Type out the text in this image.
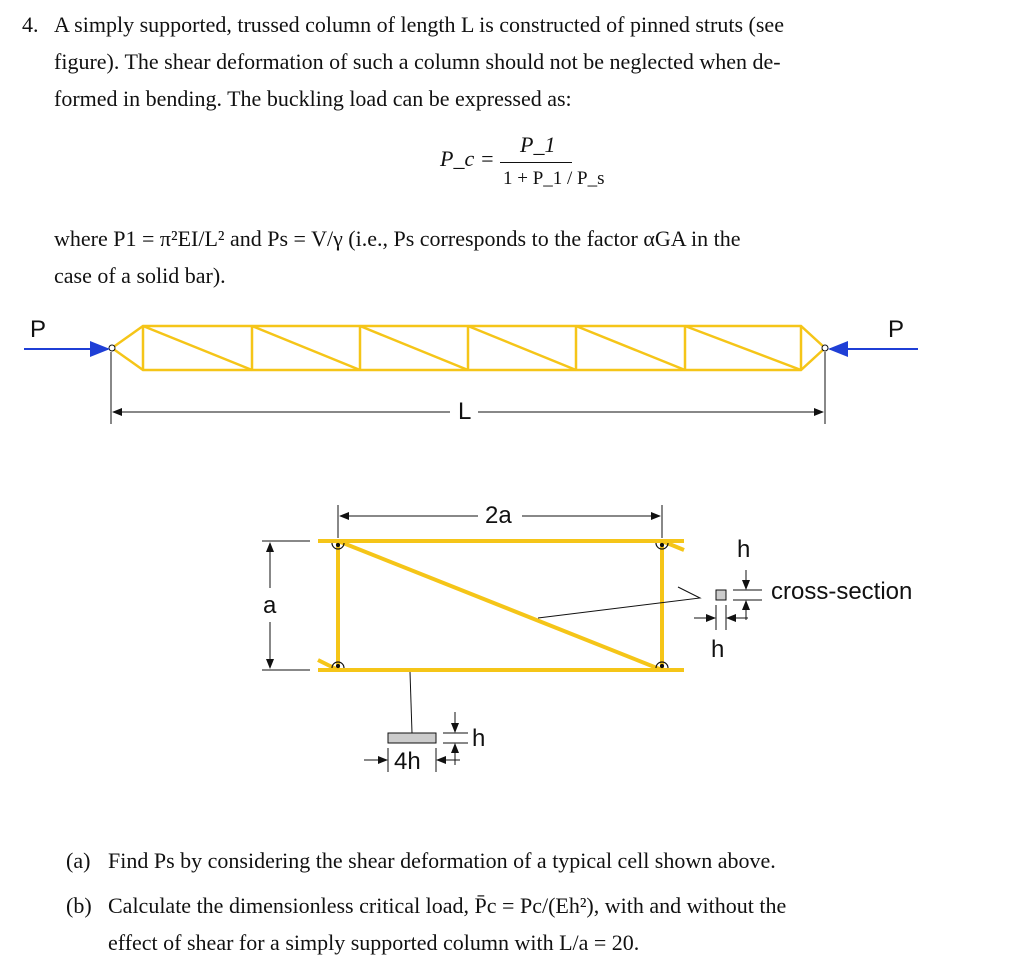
4. A simply supported, trussed column of length L is constructed of pinned struts (see
figure). The shear deformation of such a column should not be neglected when de-
formed in bending. The buckling load can be expressed as:
P_c =
P_1
1 + P_1 / P_s
where P1 = π²EI/L² and Ps = V/γ (i.e., Ps corresponds to the factor αGA in the
case of a solid bar).
P	P
L
2a
a
h
h
cross-section
h
4h
(a) Find Ps by considering the shear deformation of a typical cell shown above.
(b) Calculate the dimensionless critical load, P̄c = Pc/(Eh²), with and without the
effect of shear for a simply supported column with L/a = 20.
